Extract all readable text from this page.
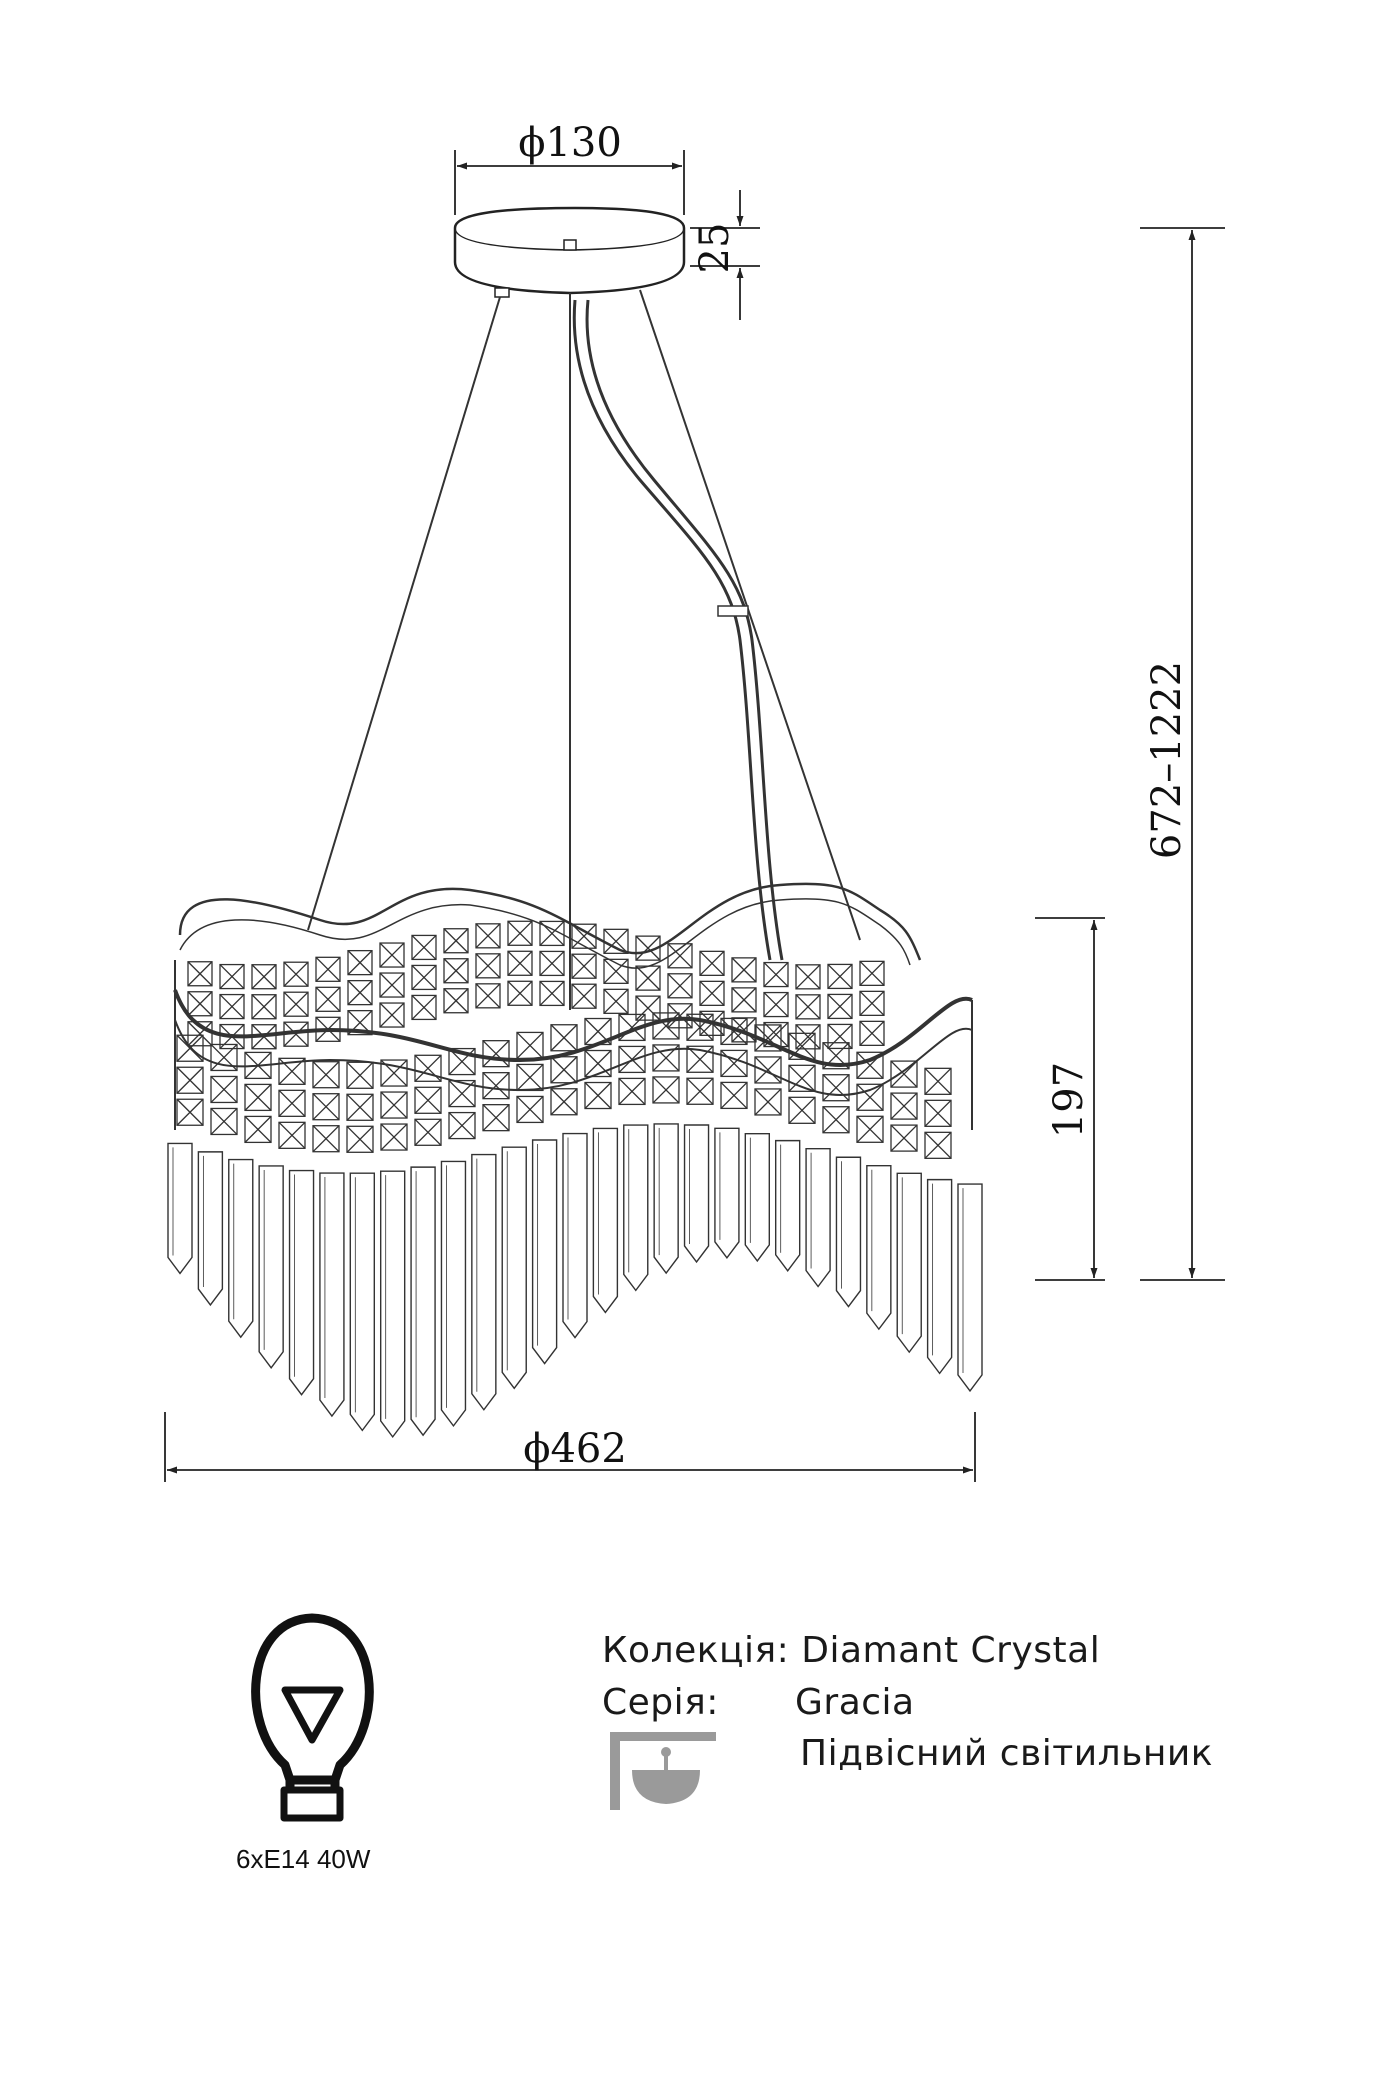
ϕ130
25
672–1222
197
ϕ462
Колекція: Diamant Crystal
Серія: Gracia
Підвісний світильник
6xE14 40W
